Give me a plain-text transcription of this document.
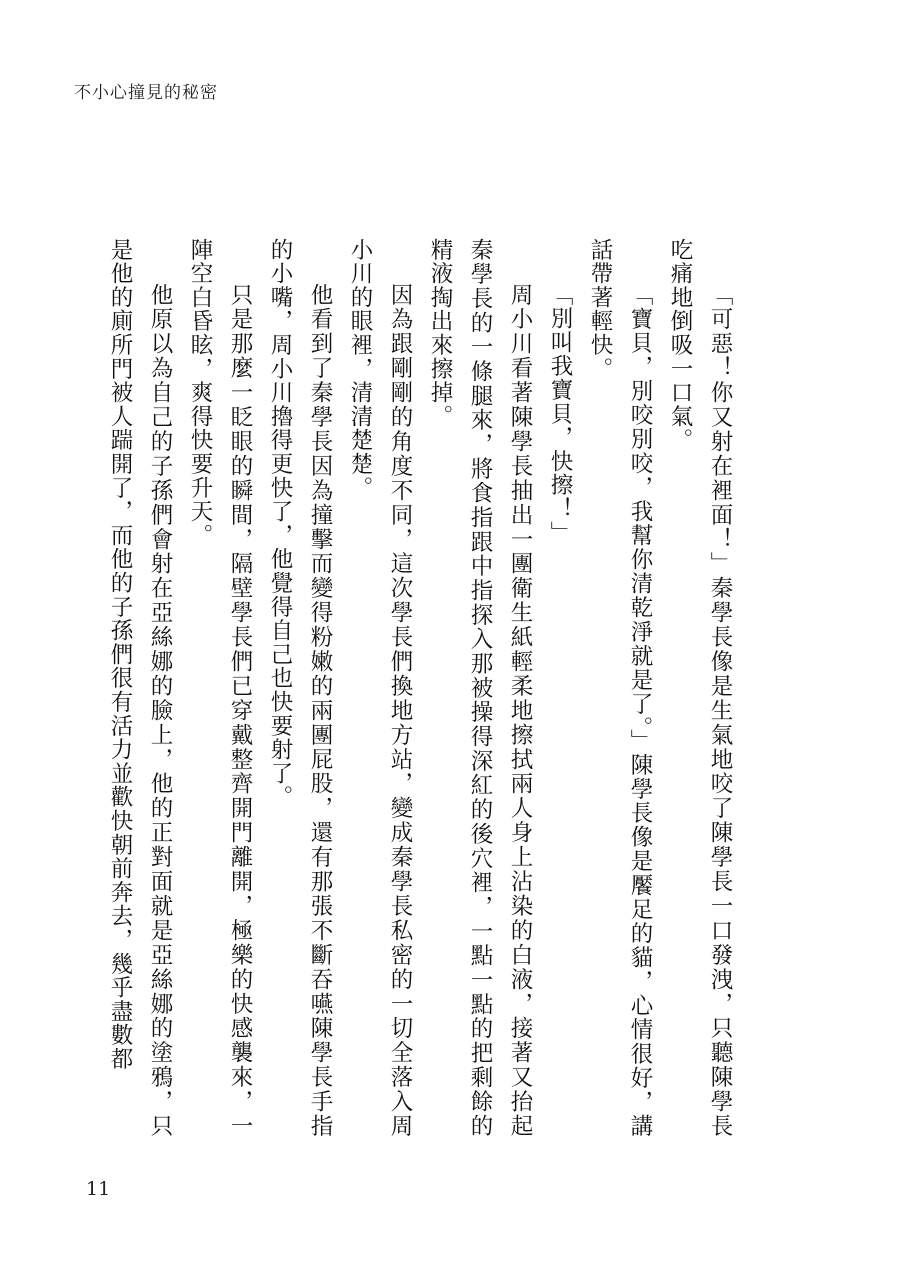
不小心撞見的秘密

「可惡！你又射在裡面！」秦學長像是生氣地咬了陳學長一口發洩，只聽陳學長吃痛地倒吸一口氣。

「寶貝，別咬別咬，我幫你清乾淨就是了。」陳學長像是饜足的貓，心情很好，講話帶著輕快。

「別叫我寶貝，快擦！」

周小川看著陳學長抽出一團衛生紙輕柔地擦拭兩人身上沾染的白液，接著又抬起秦學長的一條腿來，將食指跟中指探入那被操得深紅的後穴裡，一點一點的把剩餘的精液掏出來擦掉。

因為跟剛剛的角度不同，這次學長們換地方站，變成秦學長私密的一切全落入周小川的眼裡，清清楚楚。

他看到了秦學長因為撞擊而變得粉嫩的兩團屁股，還有那張不斷吞嚥陳學長手指的小嘴，周小川擼得更快了，他覺得自己也快要射了。

只是那麼一眨眼的瞬間，隔壁學長們已穿戴整齊開門離開，極樂的快感襲來，一陣空白昏眩，爽得快要升天。

他原以為自己的子孫們會射在亞絲娜的臉上，他的正對面就是亞絲娜的塗鴉，只是他的廁所門被人踹開了，而他的子孫們很有活力並歡快朝前奔去，幾乎盡數都

11
